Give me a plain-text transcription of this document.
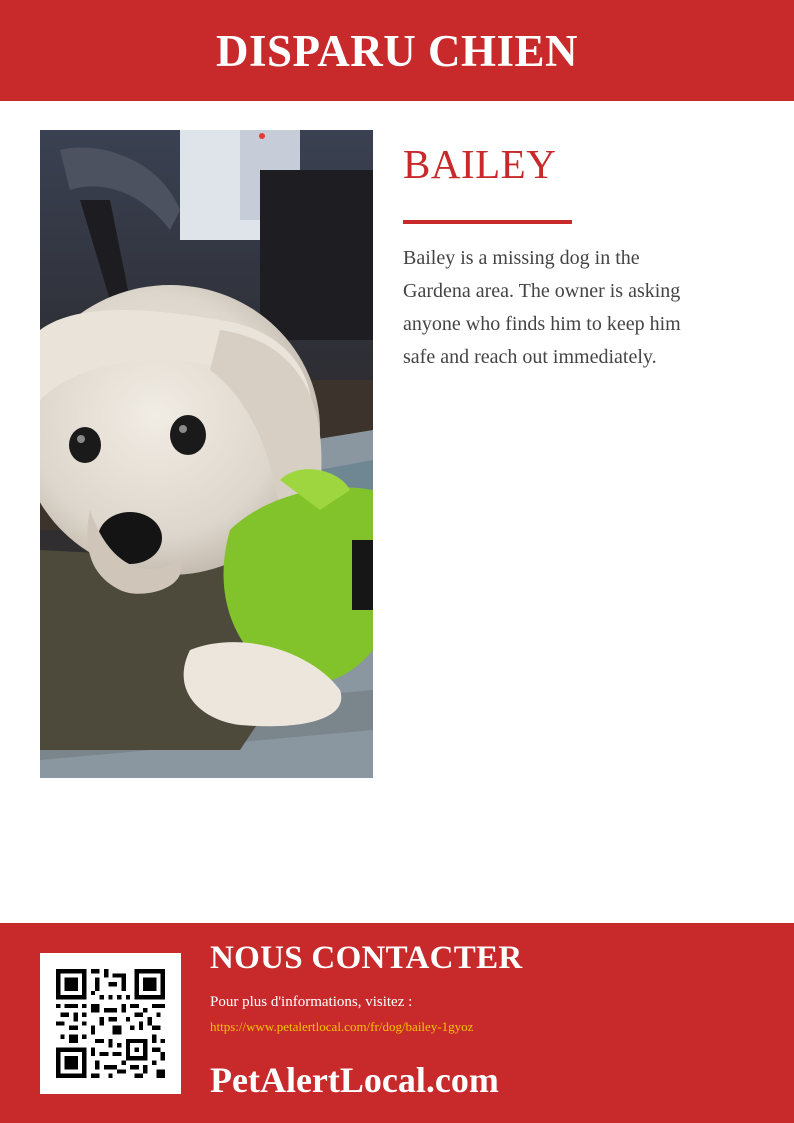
DISPARU CHIEN
BAILEY
Bailey is a missing dog in the Gardena area. The owner is asking anyone who finds him to keep him safe and reach out immediately.
NOUS CONTACTER
Pour plus d'informations, visitez :
https://www.petalertlocal.com/fr/dog/bailey-1gyoz
PetAlertLocal.com
